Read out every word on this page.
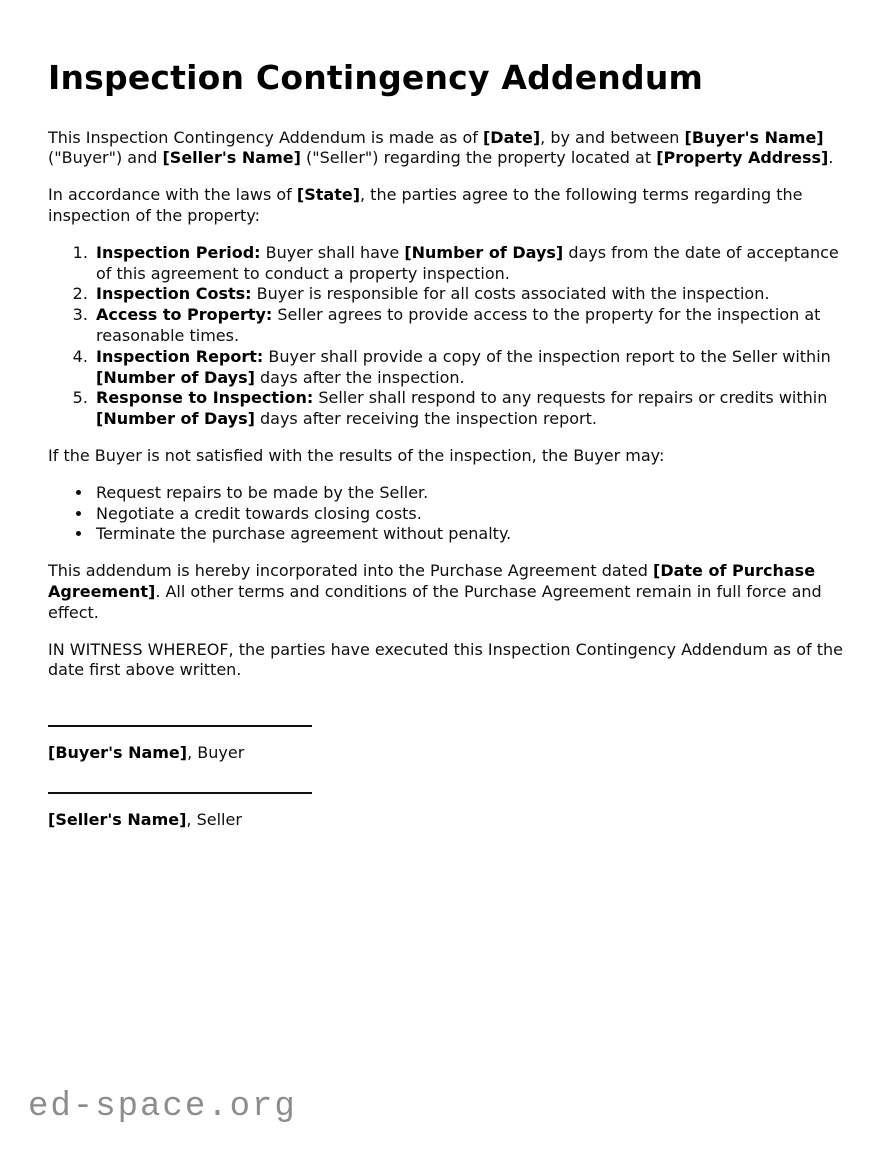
Inspection Contingency Addendum

This Inspection Contingency Addendum is made as of [Date], by and between [Buyer's Name] ("Buyer") and [Seller's Name] ("Seller") regarding the property located at [Property Address].

In accordance with the laws of [State], the parties agree to the following terms regarding the inspection of the property:

1. Inspection Period: Buyer shall have [Number of Days] days from the date of acceptance of this agreement to conduct a property inspection.
2. Inspection Costs: Buyer is responsible for all costs associated with the inspection.
3. Access to Property: Seller agrees to provide access to the property for the inspection at reasonable times.
4. Inspection Report: Buyer shall provide a copy of the inspection report to the Seller within [Number of Days] days after the inspection.
5. Response to Inspection: Seller shall respond to any requests for repairs or credits within [Number of Days] days after receiving the inspection report.

If the Buyer is not satisfied with the results of the inspection, the Buyer may:

• Request repairs to be made by the Seller.
• Negotiate a credit towards closing costs.
• Terminate the purchase agreement without penalty.

This addendum is hereby incorporated into the Purchase Agreement dated [Date of Purchase Agreement]. All other terms and conditions of the Purchase Agreement remain in full force and effect.

IN WITNESS WHEREOF, the parties have executed this Inspection Contingency Addendum as of the date first above written.

[Buyer's Name], Buyer

[Seller's Name], Seller

ed-space.org
